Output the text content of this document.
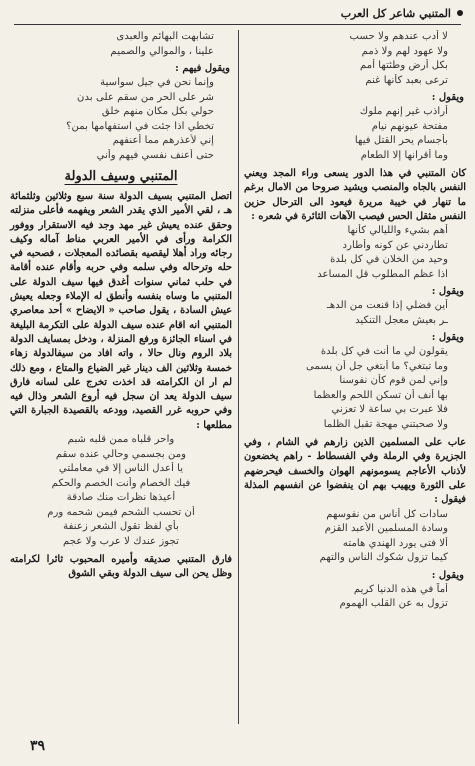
المتنبي شاعر كل العرب
لا أدب عندهم ولا حسب
ولا عهود لهم ولا ذمم
بكل أرض وطئتها أمم
ترعى بعبد كأنها غنم
ويقول :
أراذب غير إنهم ملوك
مفتحة عيونهم نيام
بأجسام يحر القتل فيها
وما أقرانها إلا الطعام
كان المتنبي في هذا الدور يسعى وراء المجد ويعني النفس بالجاه والمنصب ويشيد صروحا من الامال برغم ما تنهار في خيبة مريرة فيعود الى الترحال حزين النفس مثقل الحس فيصب الآهات الثائرة في شعره :
أهم بشيء والليالي كأنها
تطاردني عن كونه وأطارد
وحيد من الخلان في كل بلدة
اذا عظم المطلوب قل المساعد
ويقول :
أين فضلي إذا قنعت من الدهـ
ـر بعيش معجل التنكيد
ويقول :
يقولون لي ما أنت في كل بلدة
وما تبتغي؟ ما أبتغي جل أن يسمى
وإني لمن قوم كأن نفوسنا
بها أنف أن تسكن اللحم والعظما
فلا عبرت بي ساعة لا تعزني
ولا صحبتني مهجة تقبل الظلما
عاب على المسلمين الذين زارهم في الشام ، وفي الجزيرة وفي الرملة وفي الفسطاط - راهم يخضعون لأذناب الأعاجم يسومونهم الهوان والخسف فيحرضهم على الثورة ويهيب بهم ان ينفضوا عن انفسهم المذلة فيقول :
سادات كل أناس من نفوسهم
وسادة المسلمين الأعبد القزم
ألا فتى يورد الهندي هامته
كيما تزول شكوك الناس والتهم
ويقول :
أماً في هذه الدنيا كريم
تزول به عن القلب الهموم
تشابهت البهائم والعبدى
علينا ، والموالي والصميم
ويقول فيهم :
وإنما نحن في جيل سواسية
شر على الحر من سقم على بدن
حولي بكل مكان منهم خلق
تخطي اذا جئت في استفهامها بمن؟
إني لأعذرهم مما أعنفهم
حتى أعنف نفسي فيهم وأني
المتنبي وسيف الدولة
اتصل المتنبي بسيف الدولة سنة سبع وثلاثين وثلثمائة هـ ، لقي الأمير الذي يقدر الشعر ويفهمه فأعلى منزلته وحقق عنده يعيش غير مهد وجد فيه الاستقرار ووفور الكرامة ورأى في الأمير العربي مناط آماله وكيف رجائه وراد أهلا ليقصيه بقصائده المعجلات ، فصحبه في حله وترحاله وفي سلمه وفي حربه وأقام عنده أقامة في حلب ثماني سنوات أغدق فيها سيف الدولة على المتنبي ما وساه بنفسه وأنطق له الإملاء وجعله يعيش عيش السادة ، يقول صاحب « الايضاح » أحد معاصري المتنبي انه اقام عنده سيف الدولة على التكرمة البليغة في اسناء الجائزة ورفع المنزلة ، ودخل بمسايف الدولة بلاد الروم ونال حالا ، واته افاد من سيفالدولة زهاء خمسة وثلاثين الف دينار غير الضياع والمتاع ، ومع ذلك لم ار ان الكرامته قد اخذت تخرج على لسانه فارق سيف الدولة يعد ان سجل فيه أروع الشعر وذال فيه وفي حروبه غرر القصيد، وودعه بالقصيدة الجبارة التي مطلعها :
واحر قلباه ممن قلبه شبم
ومن بجسمي وحالي عنده سقم
يا أعدل الناس إلا في معاملتي
فيك الخصام وأنت الخصم والحكم
أعيذها نظرات منك صادقة
أن تحسب الشحم فيمن شحمه ورم
بأي لفظ تقول الشعر زعنفة
تجوز عندك لا عرب ولا عجم
فارق المتنبي صديقه وأميره المحبوب ثائرا لكرامته وظل يحن الى سيف الدولة وبقي الشوق
٣٩
